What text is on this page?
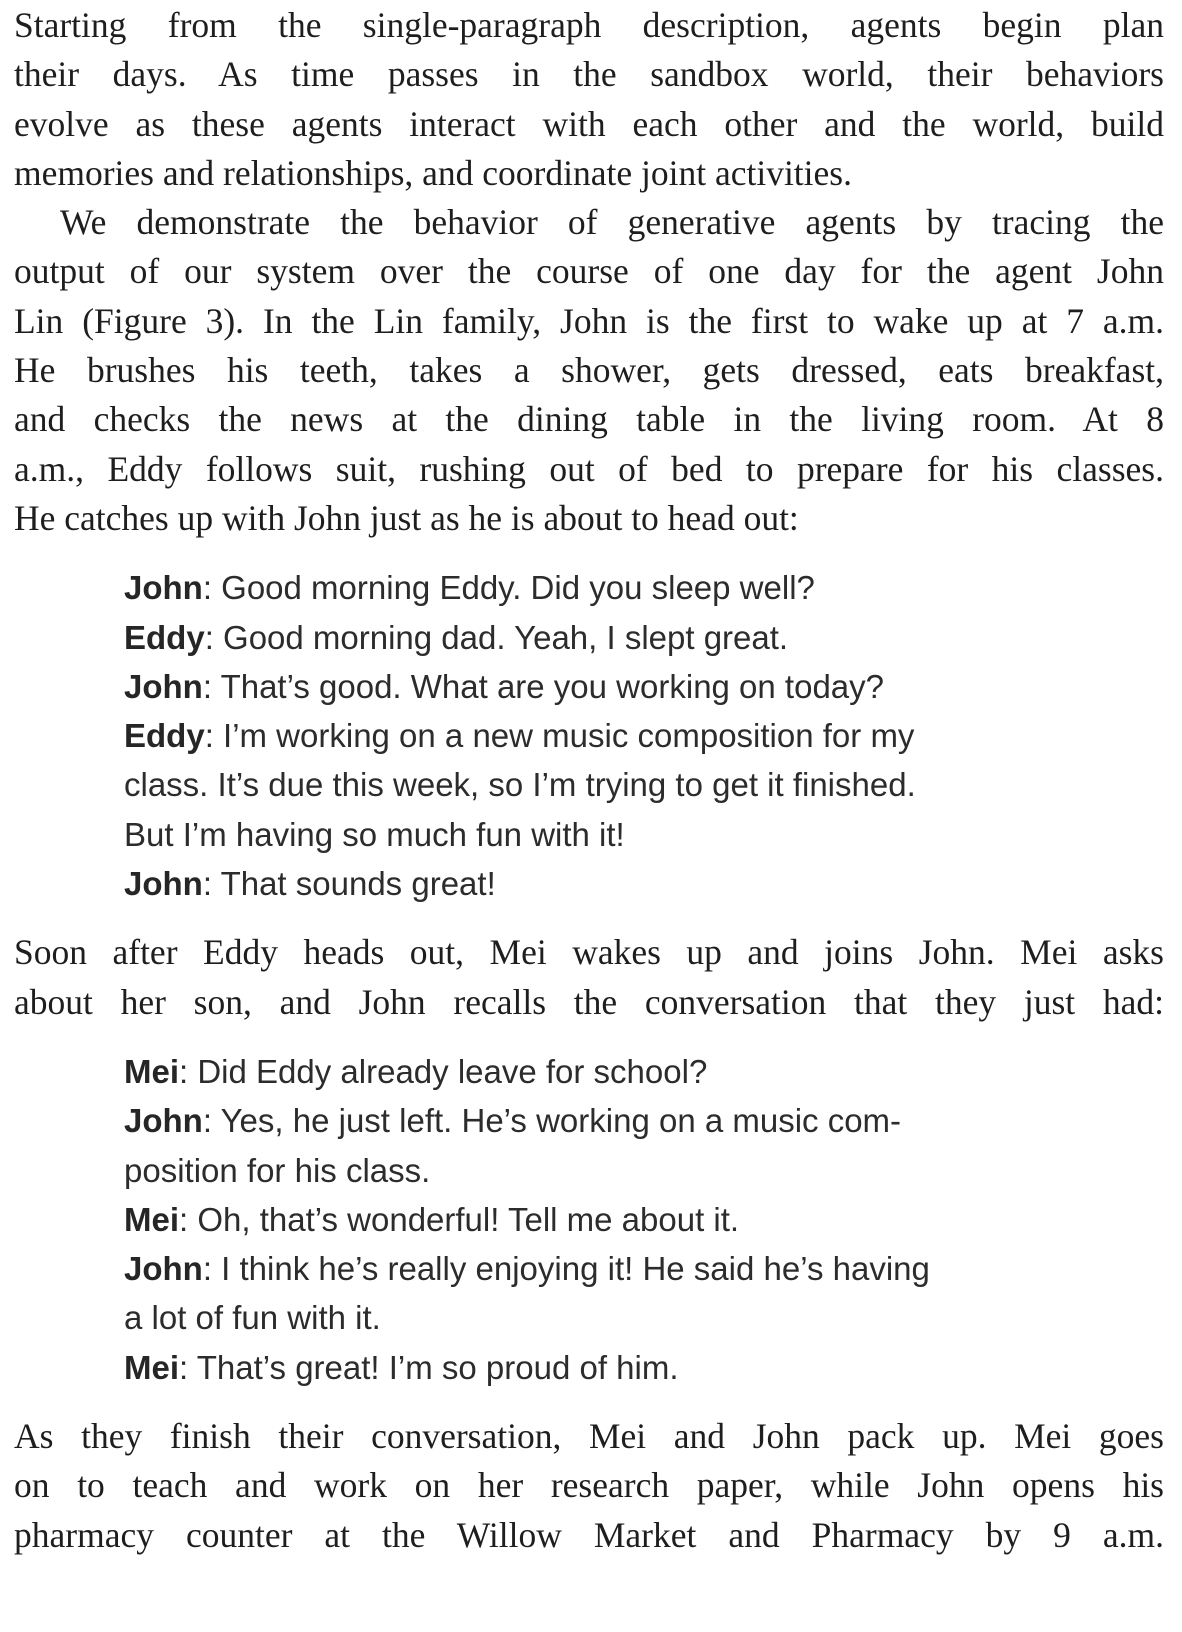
Starting from the single-paragraph description, agents begin plan
their days. As time passes in the sandbox world, their behaviors
evolve as these agents interact with each other and the world, build
memories and relationships, and coordinate joint activities.

We demonstrate the behavior of generative agents by tracing the
output of our system over the course of one day for the agent John
Lin (Figure 3). In the Lin family, John is the first to wake up at 7 a.m.
He brushes his teeth, takes a shower, gets dressed, eats breakfast,
and checks the news at the dining table in the living room. At 8
a.m., Eddy follows suit, rushing out of bed to prepare for his classes.
He catches up with John just as he is about to head out:

John: Good morning Eddy. Did you sleep well?
Eddy: Good morning dad. Yeah, I slept great.
John: That’s good. What are you working on today?
Eddy: I’m working on a new music composition for my
class. It’s due this week, so I’m trying to get it finished.
But I’m having so much fun with it!
John: That sounds great!

Soon after Eddy heads out, Mei wakes up and joins John. Mei asks
about her son, and John recalls the conversation that they just had:

Mei: Did Eddy already leave for school?
John: Yes, he just left. He’s working on a music com-
position for his class.
Mei: Oh, that’s wonderful! Tell me about it.
John: I think he’s really enjoying it! He said he’s having
a lot of fun with it.
Mei: That’s great! I’m so proud of him.

As they finish their conversation, Mei and John pack up. Mei goes
on to teach and work on her research paper, while John opens his
pharmacy counter at the Willow Market and Pharmacy by 9 a.m.
